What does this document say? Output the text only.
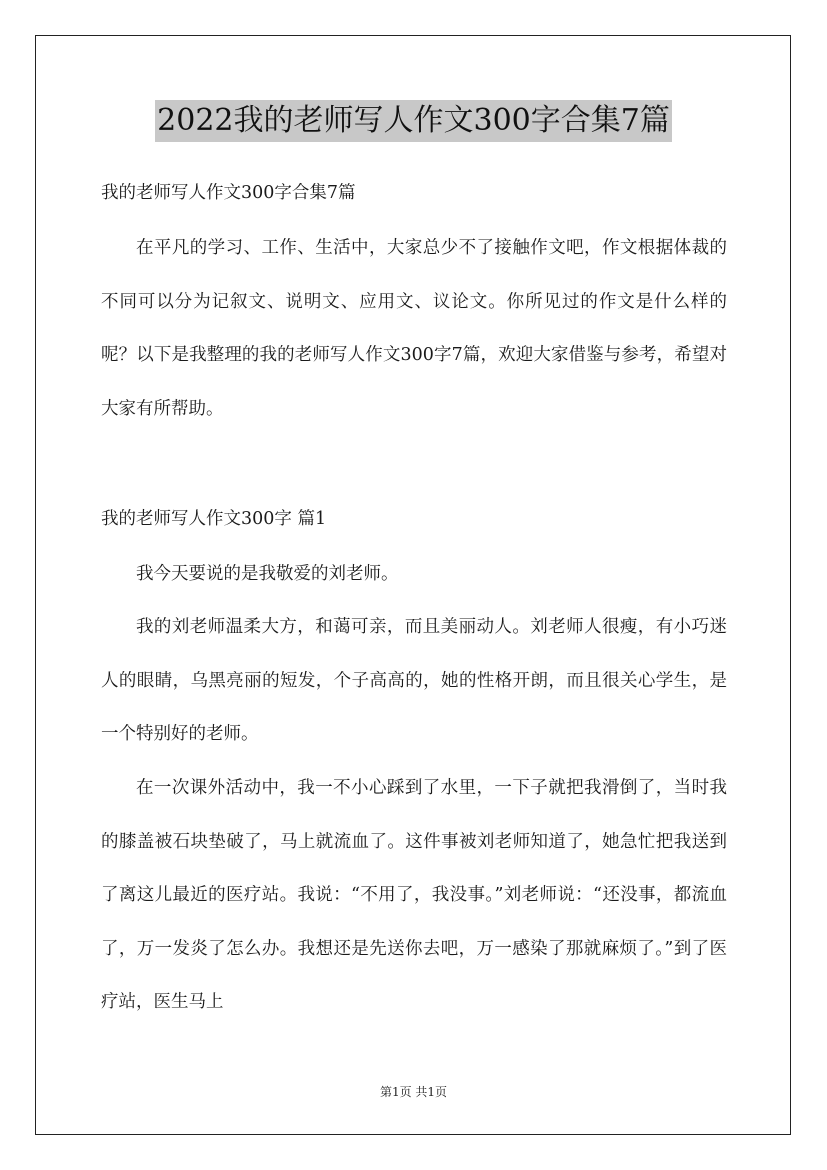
2022我的老师写人作文300字合集7篇
我的老师写人作文300字合集7篇

在平凡的学习、工作、生活中，大家总少不了接触作文吧，作文根据体裁的不同可以分为记叙文、说明文、应用文、议论文。你所见过的作文是什么样的呢？以下是我整理的我的老师写人作文300字7篇，欢迎大家借鉴与参考，希望对大家有所帮助。

我的老师写人作文300字 篇1

我今天要说的是我敬爱的刘老师。

我的刘老师温柔大方，和蔼可亲，而且美丽动人。刘老师人很瘦，有小巧迷人的眼睛，乌黑亮丽的短发，个子高高的，她的性格开朗，而且很关心学生，是一个特别好的老师。

在一次课外活动中，我一不小心踩到了水里，一下子就把我滑倒了，当时我的膝盖被石块垫破了，马上就流血了。这件事被刘老师知道了，她急忙把我送到了离这儿最近的医疗站。我说：“不用了，我没事。”刘老师说：“还没事，都流血了，万一发炎了怎么办。我想还是先送你去吧，万一感染了那就麻烦了。”到了医疗站，医生马上

第1页 共1页
